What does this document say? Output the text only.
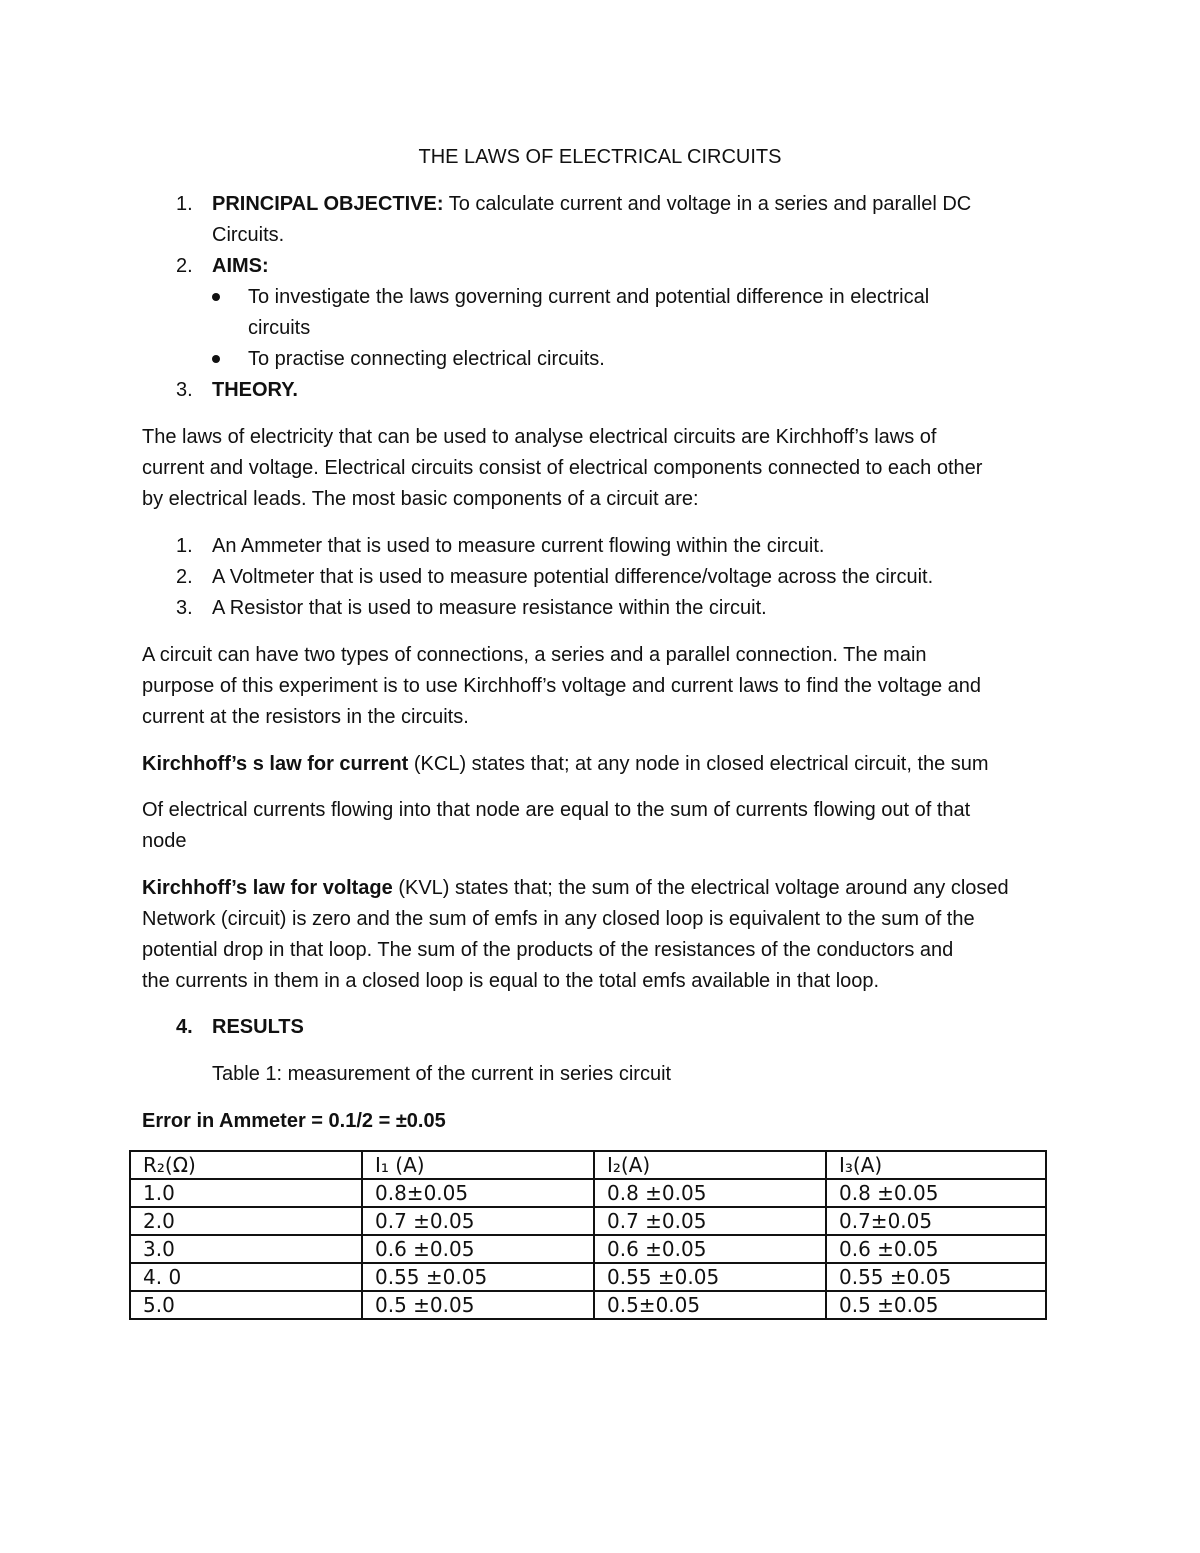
THE LAWS OF ELECTRICAL CIRCUITS
1. PRINCIPAL OBJECTIVE: To calculate current and voltage in a series and parallel DC
Circuits.
2. AIMS:
To investigate the laws governing current and potential difference in electrical
circuits
To practise connecting electrical circuits.
3. THEORY.
The laws of electricity that can be used to analyse electrical circuits are Kirchhoff’s laws of
current and voltage. Electrical circuits consist of electrical components connected to each other
by electrical leads. The most basic components of a circuit are:
1. An Ammeter that is used to measure current flowing within the circuit.
2. A Voltmeter that is used to measure potential difference/voltage across the circuit.
3. A Resistor that is used to measure resistance within the circuit.
A circuit can have two types of connections, a series and a parallel connection. The main
purpose of this experiment is to use Kirchhoff’s voltage and current laws to find the voltage and
current at the resistors in the circuits.
Kirchhoff’s s law for current (KCL) states that; at any node in closed electrical circuit, the sum
Of electrical currents flowing into that node are equal to the sum of currents flowing out of that
node
Kirchhoff’s law for voltage (KVL) states that; the sum of the electrical voltage around any closed
Network (circuit) is zero and the sum of emfs in any closed loop is equivalent to the sum of the
potential drop in that loop. The sum of the products of the resistances of the conductors and
the currents in them in a closed loop is equal to the total emfs available in that loop.
4. RESULTS
Table 1: measurement of the current in series circuit
Error in Ammeter = 0.1/2 = ±0.05
R₂(Ω)	I₁ (A)	I₂(A)	I₃(A)
1.0	0.8±0.05	0.8 ±0.05	0.8 ±0.05
2.0	0.7 ±0.05	0.7 ±0.05	0.7±0.05
3.0	0.6 ±0.05	0.6 ±0.05	0.6 ±0.05
4. 0	0.55 ±0.05	0.55 ±0.05	0.55 ±0.05
5.0	0.5 ±0.05	0.5±0.05	0.5 ±0.05
